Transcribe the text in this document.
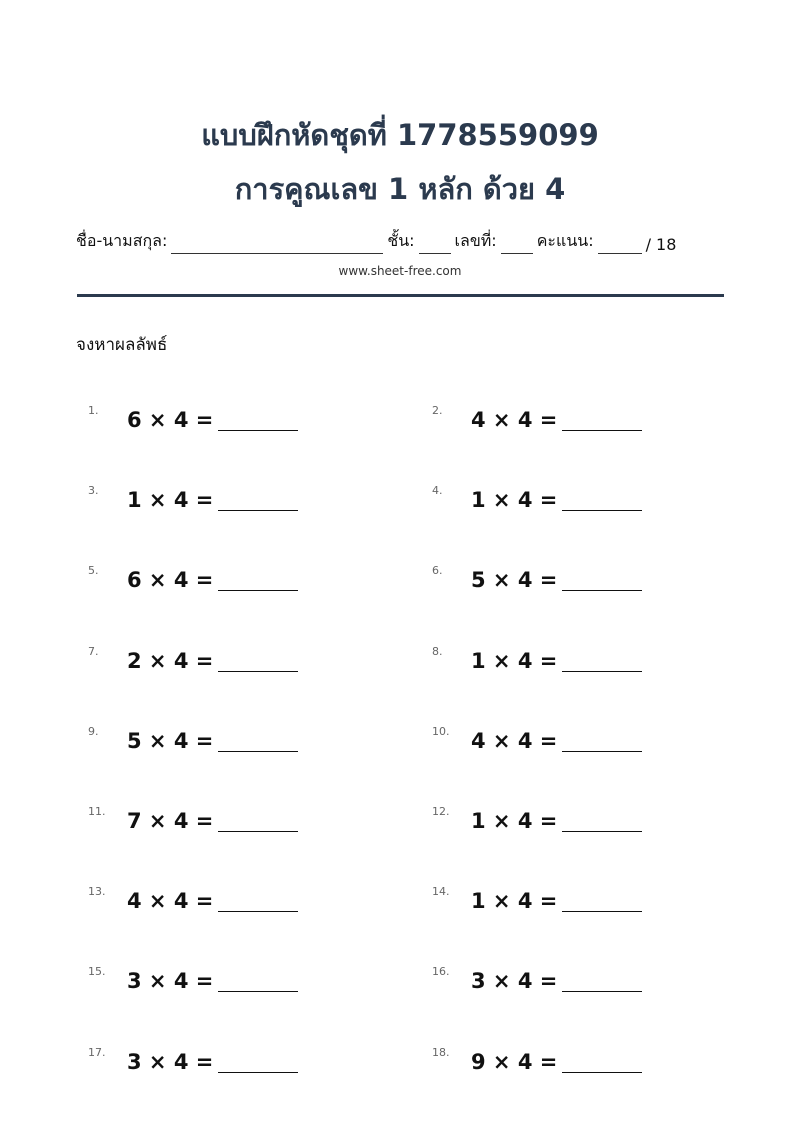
แบบฝึกหัดชุดที่ 1778559099
การคูณเลข 1 หลัก ด้วย 4
ชื่อ-นามสกุล:	ชั้น:	เลขที่:	คะแนน:	/ 18
www.sheet-free.com
จงหาผลลัพธ์
1. 6 × 4 =	2. 4 × 4 =
3. 1 × 4 =	4. 1 × 4 =
5. 6 × 4 =	6. 5 × 4 =
7. 2 × 4 =	8. 1 × 4 =
9. 5 × 4 =	10. 4 × 4 =
11. 7 × 4 =	12. 1 × 4 =
13. 4 × 4 =	14. 1 × 4 =
15. 3 × 4 =	16. 3 × 4 =
17. 3 × 4 =	18. 9 × 4 =
